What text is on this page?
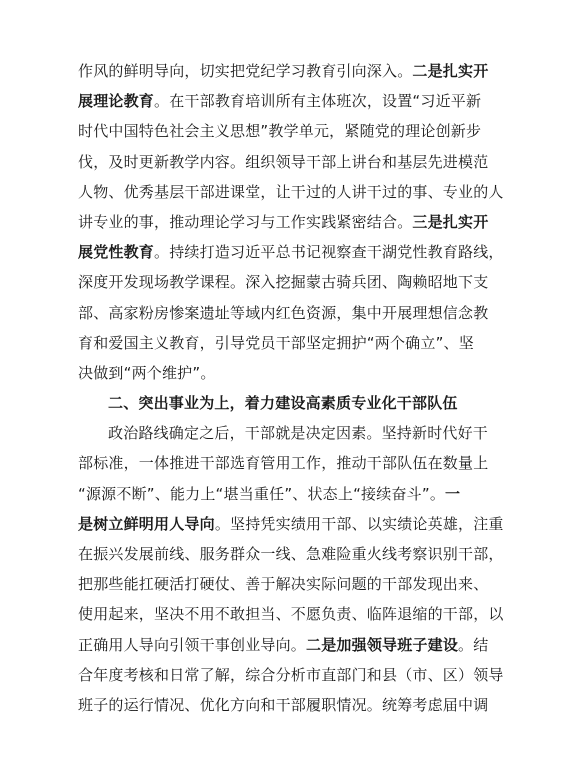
作风的鲜明导向，切实把党纪学习教育引向深入。二是扎实开
展理论教育。在干部教育培训所有主体班次，设置“习近平新
时代中国特色社会主义思想”教学单元，紧随党的理论创新步
伐，及时更新教学内容。组织领导干部上讲台和基层先进模范
人物、优秀基层干部进课堂，让干过的人讲干过的事、专业的人
讲专业的事，推动理论学习与工作实践紧密结合。三是扎实开
展党性教育。持续打造习近平总书记视察查干湖党性教育路线，
深度开发现场教学课程。深入挖掘蒙古骑兵团、陶赖昭地下支
部、高家粉房惨案遗址等域内红色资源，集中开展理想信念教
育和爱国主义教育，引导党员干部坚定拥护“两个确立”、坚
决做到“两个维护”。
二、突出事业为上，着力建设高素质专业化干部队伍
政治路线确定之后，干部就是决定因素。坚持新时代好干
部标准，一体推进干部选育管用工作，推动干部队伍在数量上
“源源不断”、能力上“堪当重任”、状态上“接续奋斗”。一
是树立鲜明用人导向。坚持凭实绩用干部、以实绩论英雄，注重
在振兴发展前线、服务群众一线、急难险重火线考察识别干部，
把那些能扛硬活打硬仗、善于解决实际问题的干部发现出来、
使用起来，坚决不用不敢担当、不愿负责、临阵退缩的干部，以
正确用人导向引领干事创业导向。二是加强领导班子建设。结
合年度考核和日常了解，综合分析市直部门和县（市、区）领导
班子的运行情况、优化方向和干部履职情况。统筹考虑届中调
